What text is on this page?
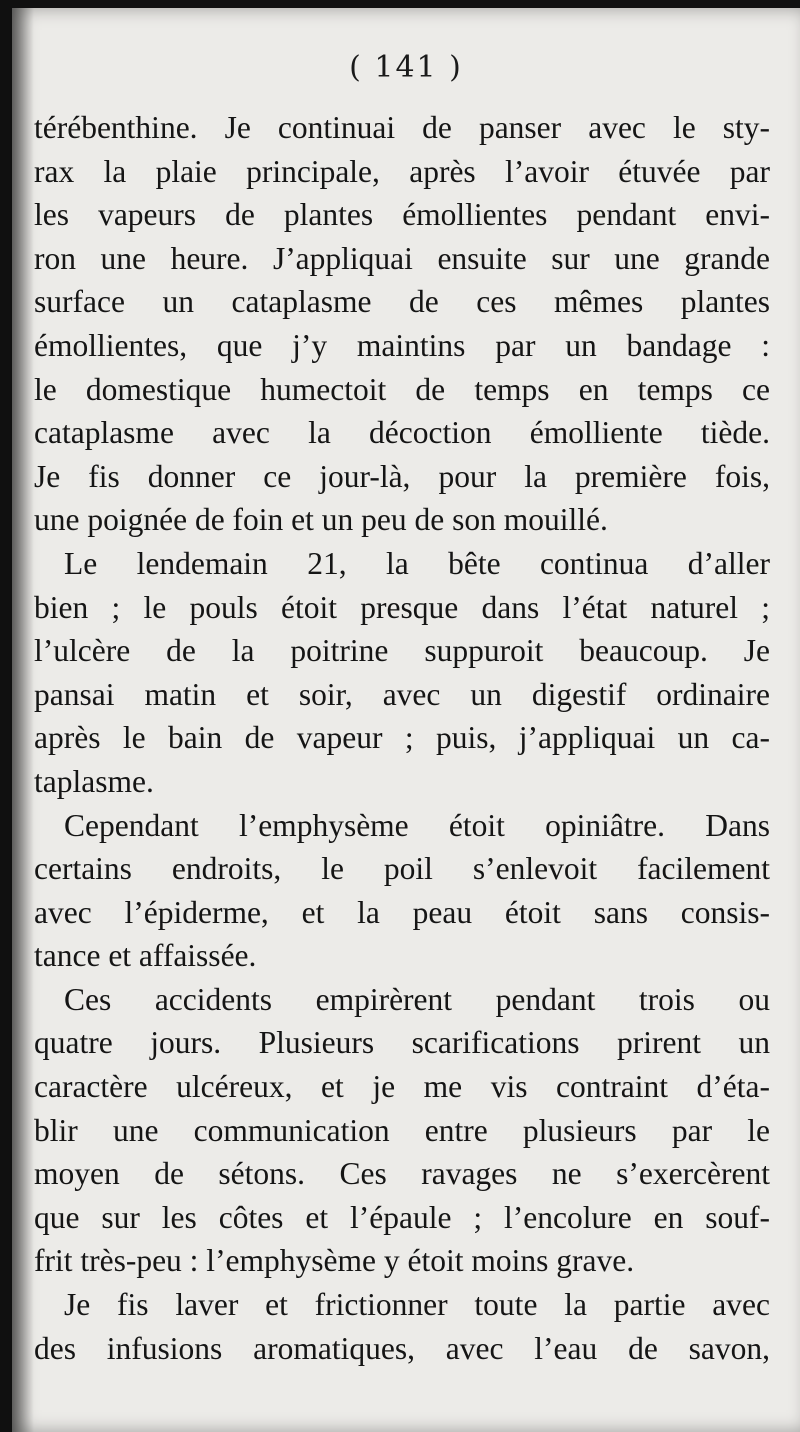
( 141 )
térébenthine. Je continuai de panser avec le sty-
rax la plaie principale, après l’avoir étuvée par
les vapeurs de plantes émollientes pendant envi-
ron une heure. J’appliquai ensuite sur une grande
surface un cataplasme de ces mêmes plantes
émollientes, que j’y maintins par un bandage :
le domestique humectoit de temps en temps ce
cataplasme avec la décoction émolliente tiède.
Je fis donner ce jour-là, pour la première fois,
une poignée de foin et un peu de son mouillé.
Le lendemain 21, la bête continua d’aller
bien ; le pouls étoit presque dans l’état naturel ;
l’ulcère de la poitrine suppuroit beaucoup. Je
pansai matin et soir, avec un digestif ordinaire
après le bain de vapeur ; puis, j’appliquai un ca-
taplasme.
Cependant l’emphysème étoit opiniâtre. Dans
certains endroits, le poil s’enlevoit facilement
avec l’épiderme, et la peau étoit sans consis-
tance et affaissée.
Ces accidents empirèrent pendant trois ou
quatre jours. Plusieurs scarifications prirent un
caractère ulcéreux, et je me vis contraint d’éta-
blir une communication entre plusieurs par le
moyen de sétons. Ces ravages ne s’exercèrent
que sur les côtes et l’épaule ; l’encolure en souf-
frit très-peu : l’emphysème y étoit moins grave.
Je fis laver et frictionner toute la partie avec
des infusions aromatiques, avec l’eau de savon,
